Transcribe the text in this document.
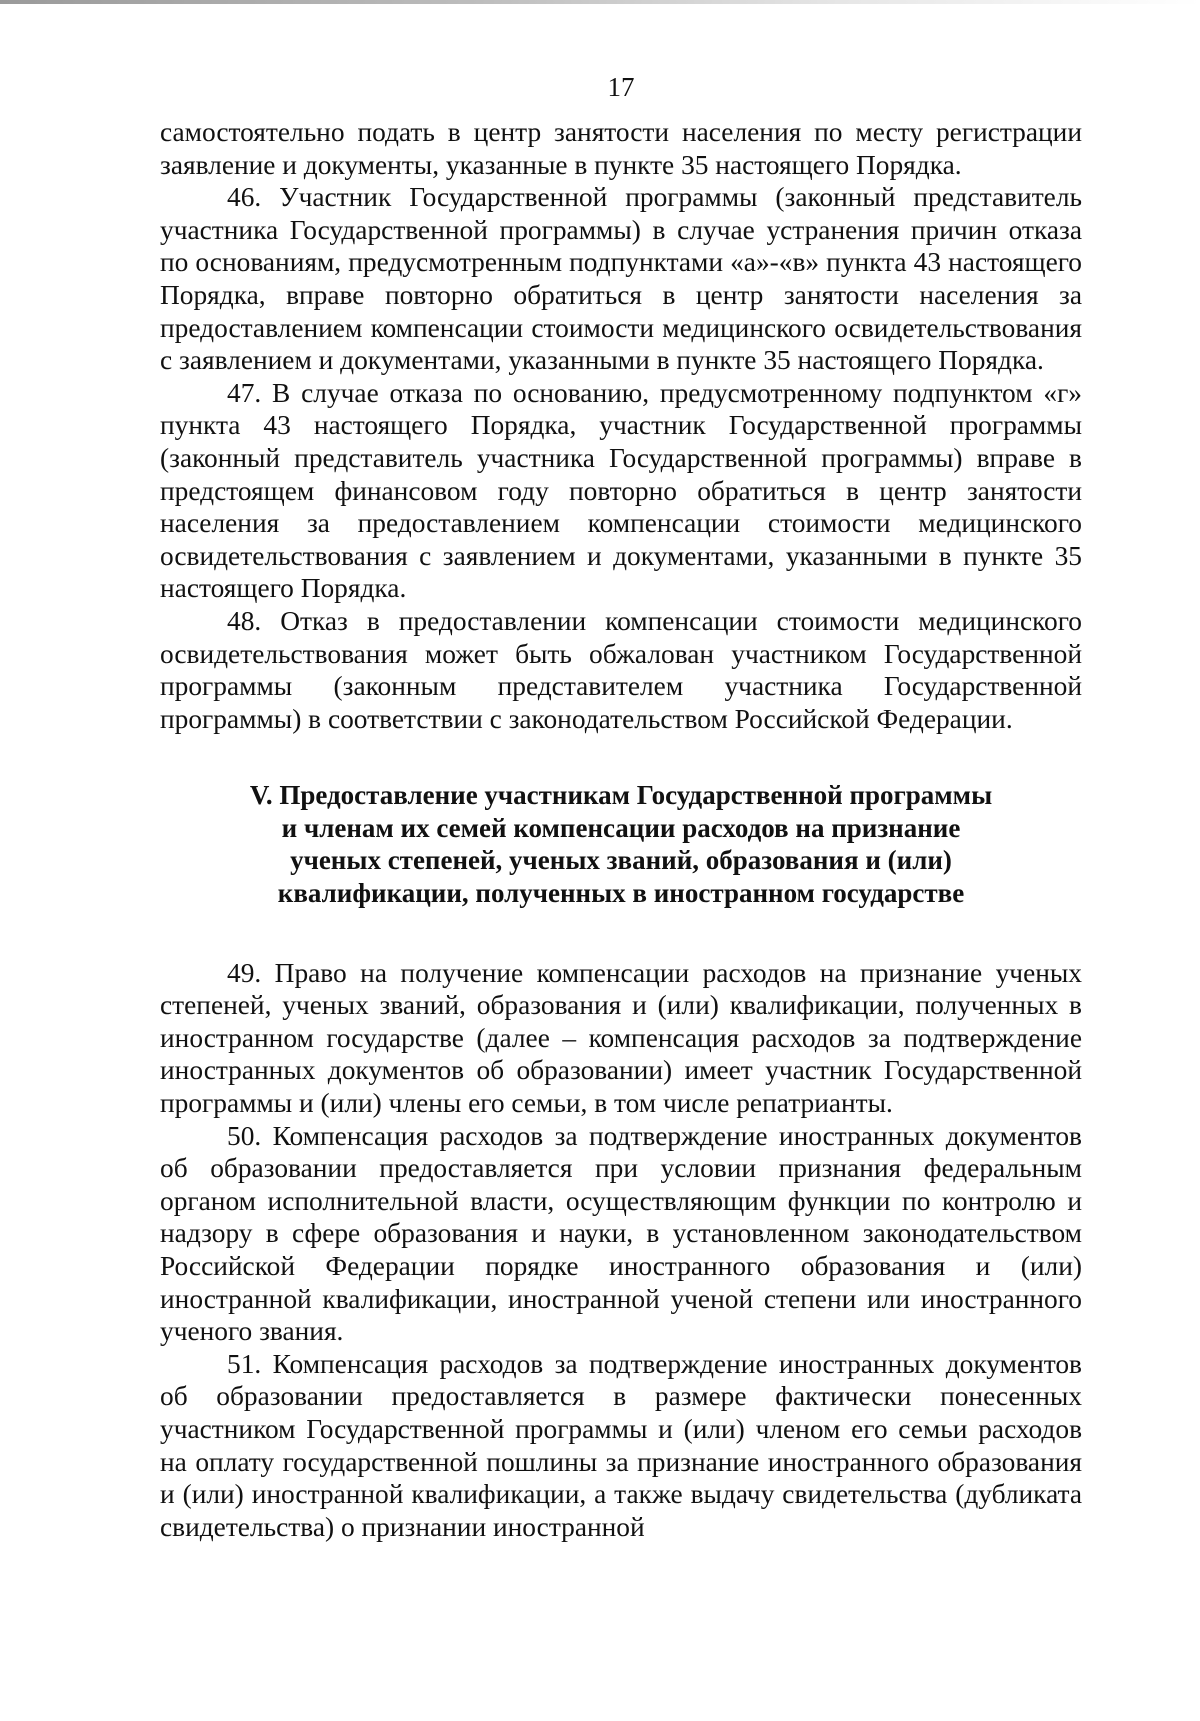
17

самостоятельно подать в центр занятости населения по месту регистрации заявление и документы, указанные в пункте 35 настоящего Порядка.

46. Участник Государственной программы (законный представитель участника Государственной программы) в случае устранения причин отказа по основаниям, предусмотренным подпунктами «а»-«в» пункта 43 настоящего Порядка, вправе повторно обратиться в центр занятости населения за предоставлением компенсации стоимости медицинского освидетельствования с заявлением и документами, указанными в пункте 35 настоящего Порядка.

47. В случае отказа по основанию, предусмотренному подпунктом «г» пункта 43 настоящего Порядка, участник Государственной программы (законный представитель участника Государственной программы) вправе в предстоящем финансовом году повторно обратиться в центр занятости населения за предоставлением компенсации стоимости медицинского освидетельствования с заявлением и документами, указанными в пункте 35 настоящего Порядка.

48. Отказ в предоставлении компенсации стоимости медицинского освидетельствования может быть обжалован участником Государственной программы (законным представителем участника Государственной программы) в соответствии с законодательством Российской Федерации.

V. Предоставление участникам Государственной программы
и членам их семей компенсации расходов на признание
ученых степеней, ученых званий, образования и (или)
квалификации, полученных в иностранном государстве

49. Право на получение компенсации расходов на признание ученых степеней, ученых званий, образования и (или) квалификации, полученных в иностранном государстве (далее – компенсация расходов за подтверждение иностранных документов об образовании) имеет участник Государственной программы и (или) члены его семьи, в том числе репатрианты.

50. Компенсация расходов за подтверждение иностранных документов об образовании предоставляется при условии признания федеральным органом исполнительной власти, осуществляющим функции по контролю и надзору в сфере образования и науки, в установленном законодательством Российской Федерации порядке иностранного образования и (или) иностранной квалификации, иностранной ученой степени или иностранного ученого звания.

51. Компенсация расходов за подтверждение иностранных документов об образовании предоставляется в размере фактически понесенных участником Государственной программы и (или) членом его семьи расходов на оплату государственной пошлины за признание иностранного образования и (или) иностранной квалификации, а также выдачу свидетельства (дубликата свидетельства) о признании иностранной
